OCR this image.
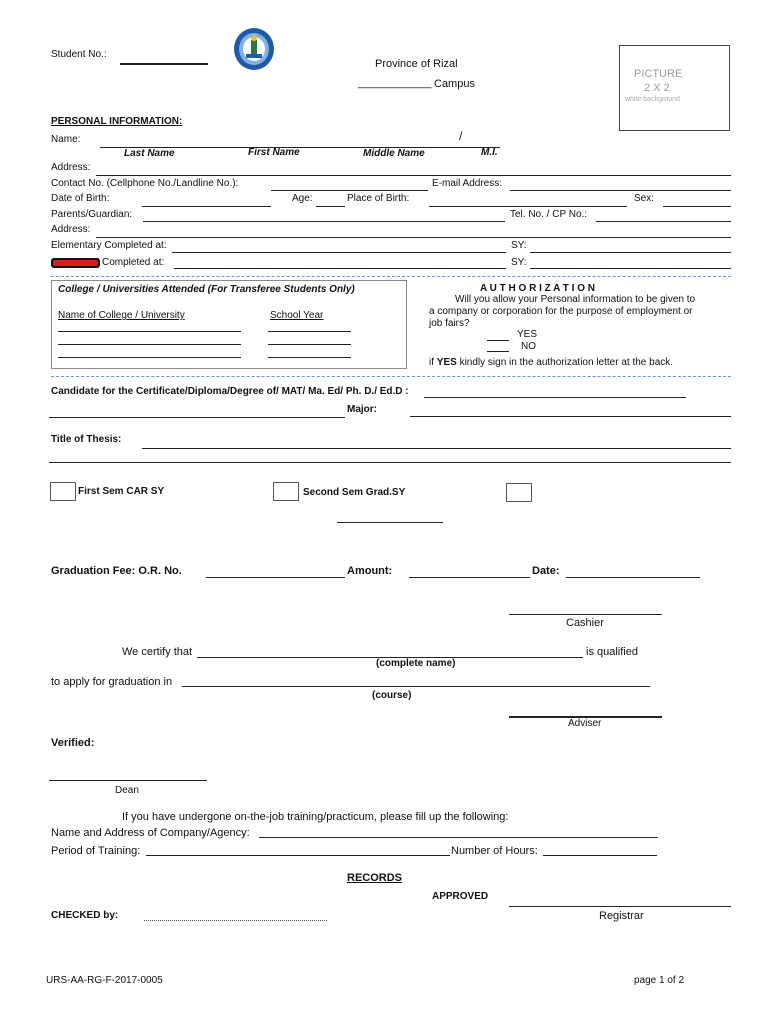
Student No.:
Province of Rizal
____________ Campus
PICTURE
2 X 2
white background
PERSONAL INFORMATION:
Name:	/
Last Name	First Name	Middle Name	M.I.
Address:
Contact No. (Cellphone No./Landline No.):	E-mail Address:
Date of Birth:	Age:	Place of Birth:	Sex:
Parents/Guardian:	Tel. No. / CP No.:
Address:
Elementary Completed at:	SY:
Completed at:	SY:
College / Universities Attended (For Transferee Students Only)
Name of College / University	School Year
A U T H O R I Z A T I O N
Will you allow your Personal information to be given to
a company or corporation for the purpose of employment or
job fairs?
YES
NO
if YES kindly sign in the authorization letter at the back.
Candidate for the Certificate/Diploma/Degree of/ MAT/ Ma. Ed/ Ph. D./ Ed.D :
Major:
Title of Thesis:
First Sem CAR SY	Second Sem Grad.SY
Graduation Fee: O.R. No.	Amount:	Date:
Cashier
We certify that	is qualified
(complete name)
to apply for graduation in
(course)
Adviser
Verified:
Dean
If you have undergone on-the-job training/practicum, please fill up the following:
Name and Address of Company/Agency:
Period of Training:	Number of Hours:
RECORDS
APPROVED
CHECKED by:	Registrar
URS-AA-RG-F-2017-0005	page 1 of 2
